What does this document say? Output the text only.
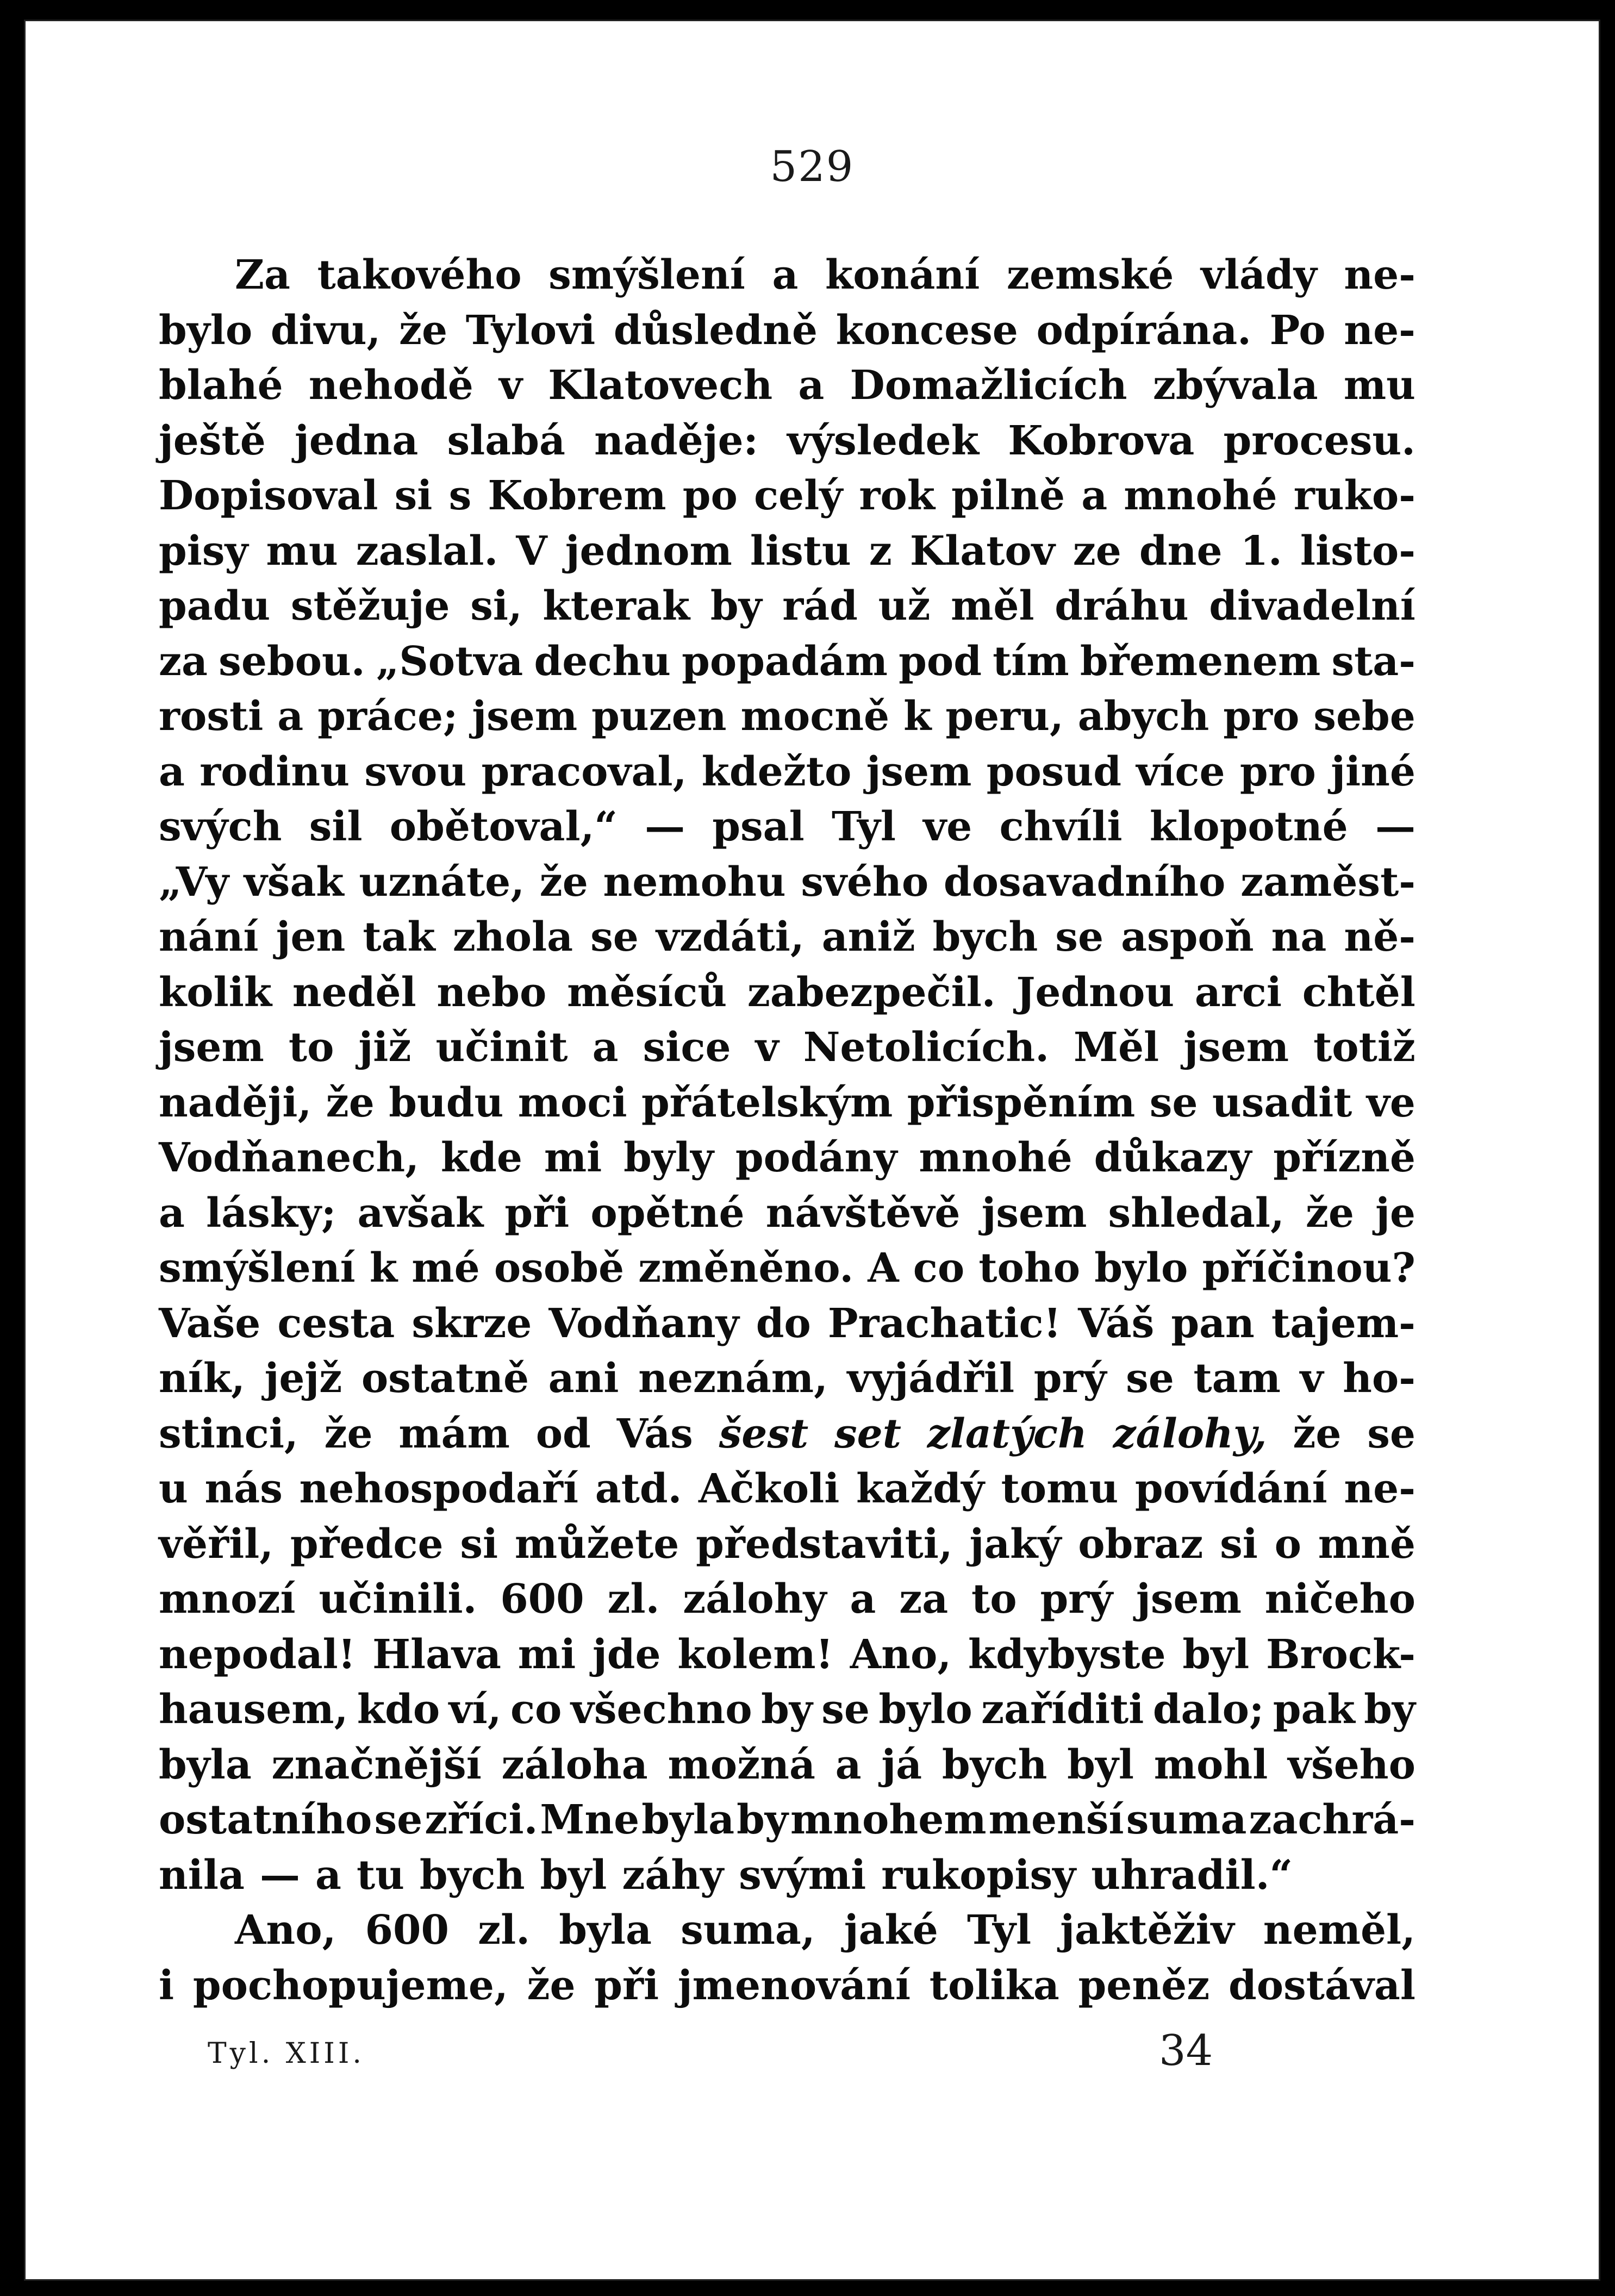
529
Za takového smýšlení a konání zemské vlády ne-
bylo divu, že Tylovi důsledně koncese odpírána. Po ne-
blahé nehodě v Klatovech a Domažlicích zbývala mu
ještě jedna slabá naděje: výsledek Kobrova procesu.
Dopisoval si s Kobrem po celý rok pilně a mnohé ruko-
pisy mu zaslal. V jednom listu z Klatov ze dne 1. listo-
padu stěžuje si, kterak by rád už měl dráhu divadelní
za sebou. „Sotva dechu popadám pod tím břemenem sta-
rosti a práce; jsem puzen mocně k peru, abych pro sebe
a rodinu svou pracoval, kdežto jsem posud více pro jiné
svých sil obětoval,“ — psal Tyl ve chvíli klopotné —
„Vy však uznáte, že nemohu svého dosavadního zaměst-
nání jen tak zhola se vzdáti, aniž bych se aspoň na ně-
kolik neděl nebo měsíců zabezpečil. Jednou arci chtěl
jsem to již učinit a sice v Netolicích. Měl jsem totiž
naději, že budu moci přátelským přispěním se usadit ve
Vodňanech, kde mi byly podány mnohé důkazy přízně
a lásky; avšak při opětné návštěvě jsem shledal, že je
smýšlení k mé osobě změněno. A co toho bylo příčinou?
Vaše cesta skrze Vodňany do Prachatic! Váš pan tajem-
ník, jejž ostatně ani neznám, vyjádřil prý se tam v ho-
stinci, že mám od Vás šest set zlatých zálohy, že se
u nás nehospodaří atd. Ačkoli každý tomu povídání ne-
věřil, předce si můžete představiti, jaký obraz si o mně
mnozí učinili. 600 zl. zálohy a za to prý jsem ničeho
nepodal! Hlava mi jde kolem! Ano, kdybyste byl Brock-
hausem, kdo ví, co všechno by se bylo zaříditi dalo; pak by
byla značnější záloha možná a já bych byl mohl všeho
ostatního se zříci. Mne byla by mnohem menší suma zachrá-
nila — a tu bych byl záhy svými rukopisy uhradil.“
Ano, 600 zl. byla suma, jaké Tyl jaktěživ neměl,
i pochopujeme, že při jmenování tolika peněz dostával
Tyl. XIII.	34
